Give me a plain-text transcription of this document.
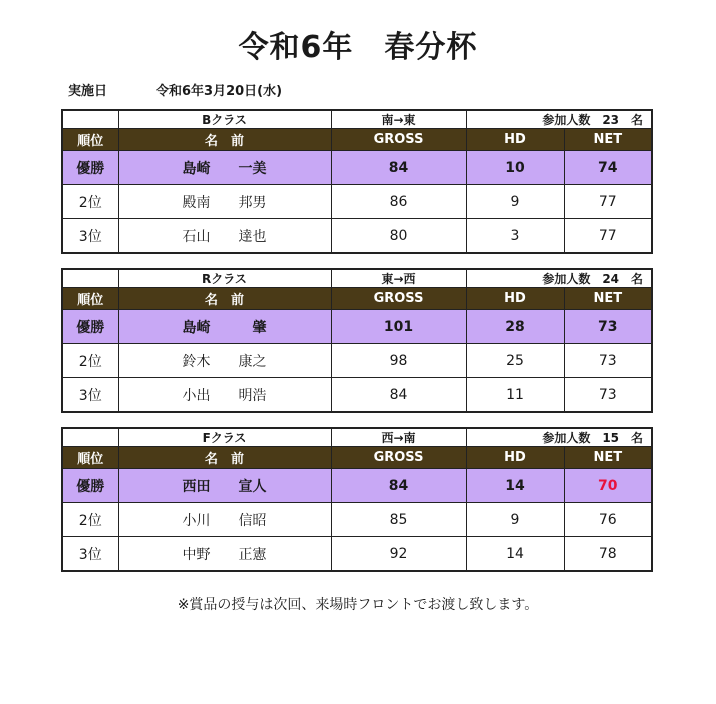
令和6年　春分杯
実施日	令和6年3月20日(水)
	Bクラス	南→東	参加人数　23　名	
順位	名　前	GROSS	HD	NET
優勝	島崎　　一美	84	10	74
2位	殿南　　邦男	86	9	77
3位	石山　　達也	80	3	77
	Rクラス	東→西	参加人数　24　名	
順位	名　前	GROSS	HD	NET
優勝	島崎　　　肇	101	28	73
2位	鈴木　　康之	98	25	73
3位	小出　　明浩	84	11	73
	Fクラス	西→南	参加人数　15　名	
順位	名　前	GROSS	HD	NET
優勝	西田　　宣人	84	14	70
2位	小川　　信昭	85	9	76
3位	中野　　正憲	92	14	78
※賞品の授与は次回、来場時フロントでお渡し致します。
